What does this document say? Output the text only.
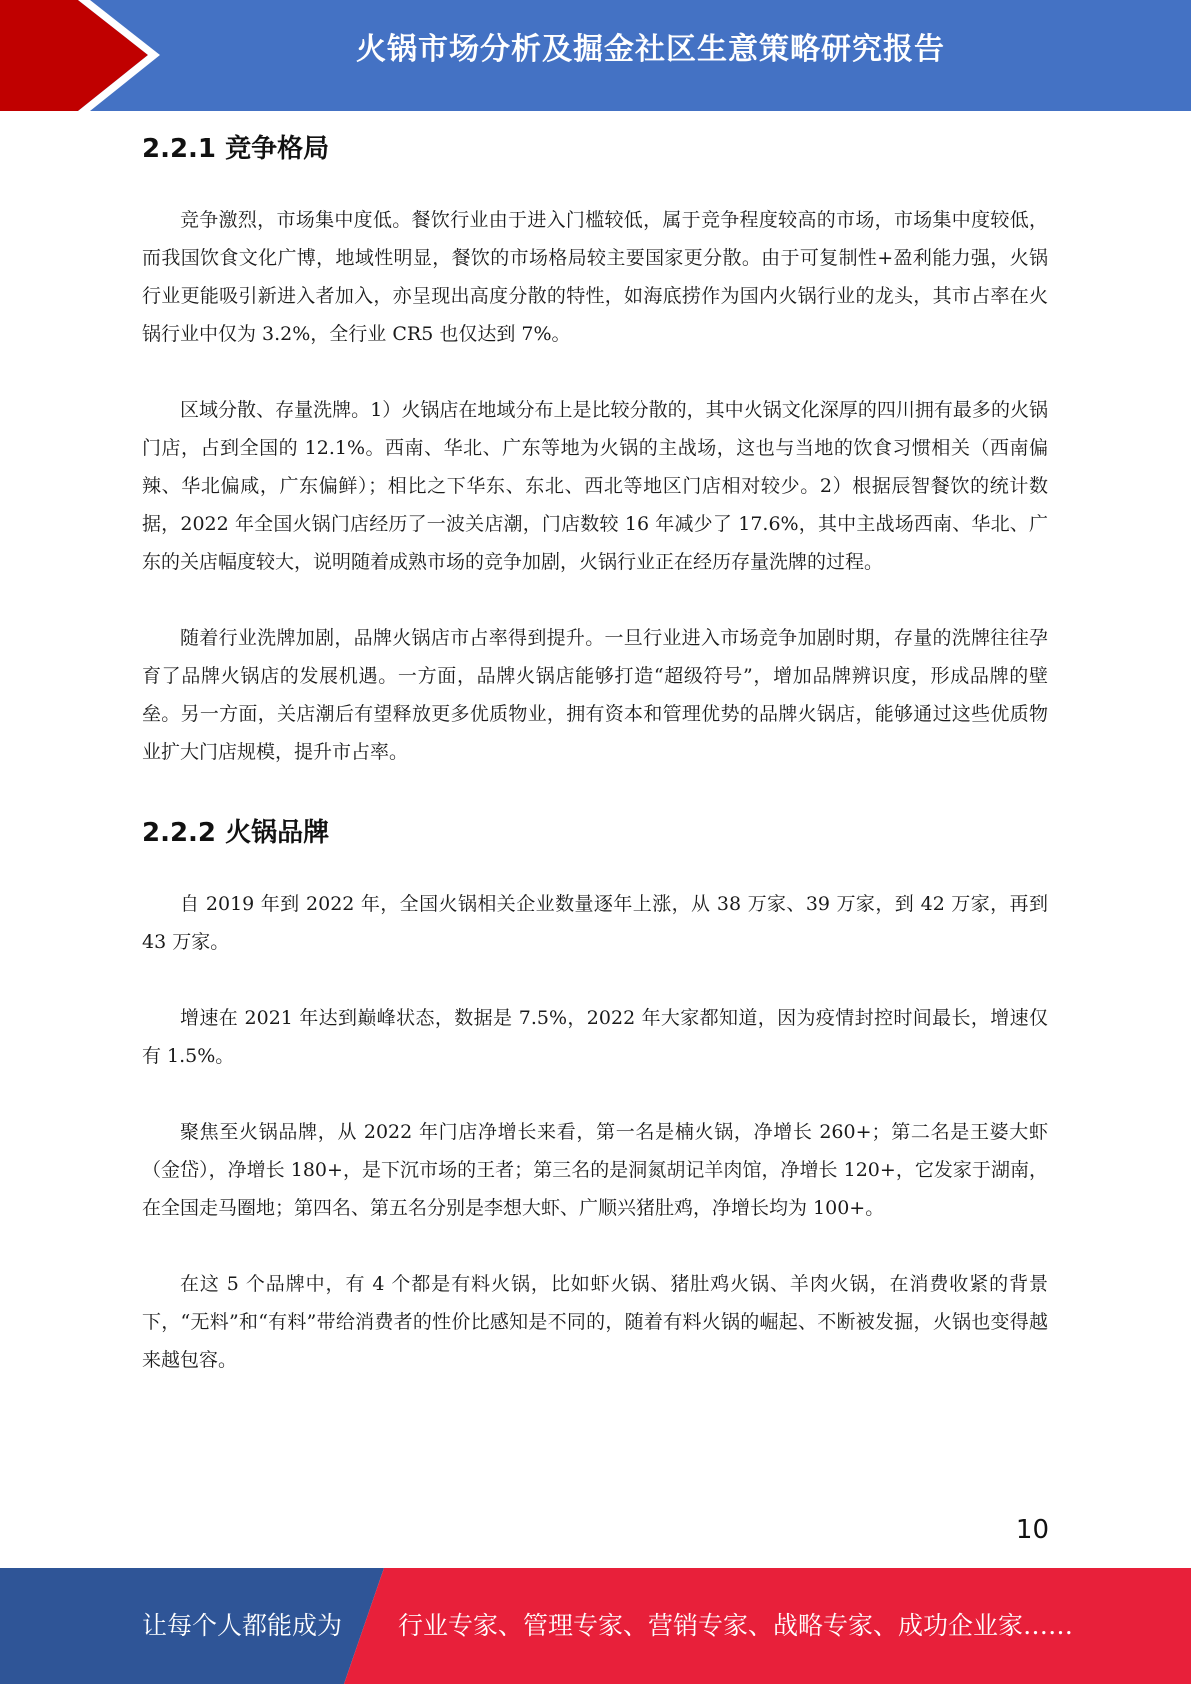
火锅市场分析及掘金社区生意策略研究报告
2.2.1 竞争格局

竞争激烈，市场集中度低。餐饮行业由于进入门槛较低，属于竞争程度较高的市场，市场集中度较低，而我国饮食文化广博，地域性明显，餐饮的市场格局较主要国家更分散。由于可复制性+盈利能力强，火锅行业更能吸引新进入者加入，亦呈现出高度分散的特性，如海底捞作为国内火锅行业的龙头，其市占率在火锅行业中仅为 3.2%，全行业 CR5 也仅达到 7%。

区域分散、存量洗牌。1）火锅店在地域分布上是比较分散的，其中火锅文化深厚的四川拥有最多的火锅门店，占到全国的 12.1%。西南、华北、广东等地为火锅的主战场，这也与当地的饮食习惯相关（西南偏辣、华北偏咸，广东偏鲜）；相比之下华东、东北、西北等地区门店相对较少。2）根据辰智餐饮的统计数据，2022 年全国火锅门店经历了一波关店潮，门店数较 16 年减少了 17.6%，其中主战场西南、华北、广东的关店幅度较大，说明随着成熟市场的竞争加剧，火锅行业正在经历存量洗牌的过程。

随着行业洗牌加剧，品牌火锅店市占率得到提升。一旦行业进入市场竞争加剧时期，存量的洗牌往往孕育了品牌火锅店的发展机遇。一方面，品牌火锅店能够打造“超级符号”，增加品牌辨识度，形成品牌的壁垒。另一方面，关店潮后有望释放更多优质物业，拥有资本和管理优势的品牌火锅店，能够通过这些优质物业扩大门店规模，提升市占率。

2.2.2 火锅品牌

自 2019 年到 2022 年，全国火锅相关企业数量逐年上涨，从 38 万家、39 万家，到 42 万家，再到 43 万家。

增速在 2021 年达到巅峰状态，数据是 7.5%，2022 年大家都知道，因为疫情封控时间最长，增速仅有 1.5%。

聚焦至火锅品牌，从 2022 年门店净增长来看，第一名是楠火锅，净增长 260+；第二名是王婆大虾（金岱），净增长 180+，是下沉市场的王者；第三名的是洞氮胡记羊肉馆，净增长 120+，它发家于湖南，在全国走马圈地；第四名、第五名分别是李想大虾、广顺兴猪肚鸡，净增长均为 100+。

在这 5 个品牌中，有 4 个都是有料火锅，比如虾火锅、猪肚鸡火锅、羊肉火锅，在消费收紧的背景下，“无料”和“有料”带给消费者的性价比感知是不同的，随着有料火锅的崛起、不断被发掘，火锅也变得越来越包容。

10
让每个人都能成为 行业专家、管理专家、营销专家、战略专家、成功企业家……
